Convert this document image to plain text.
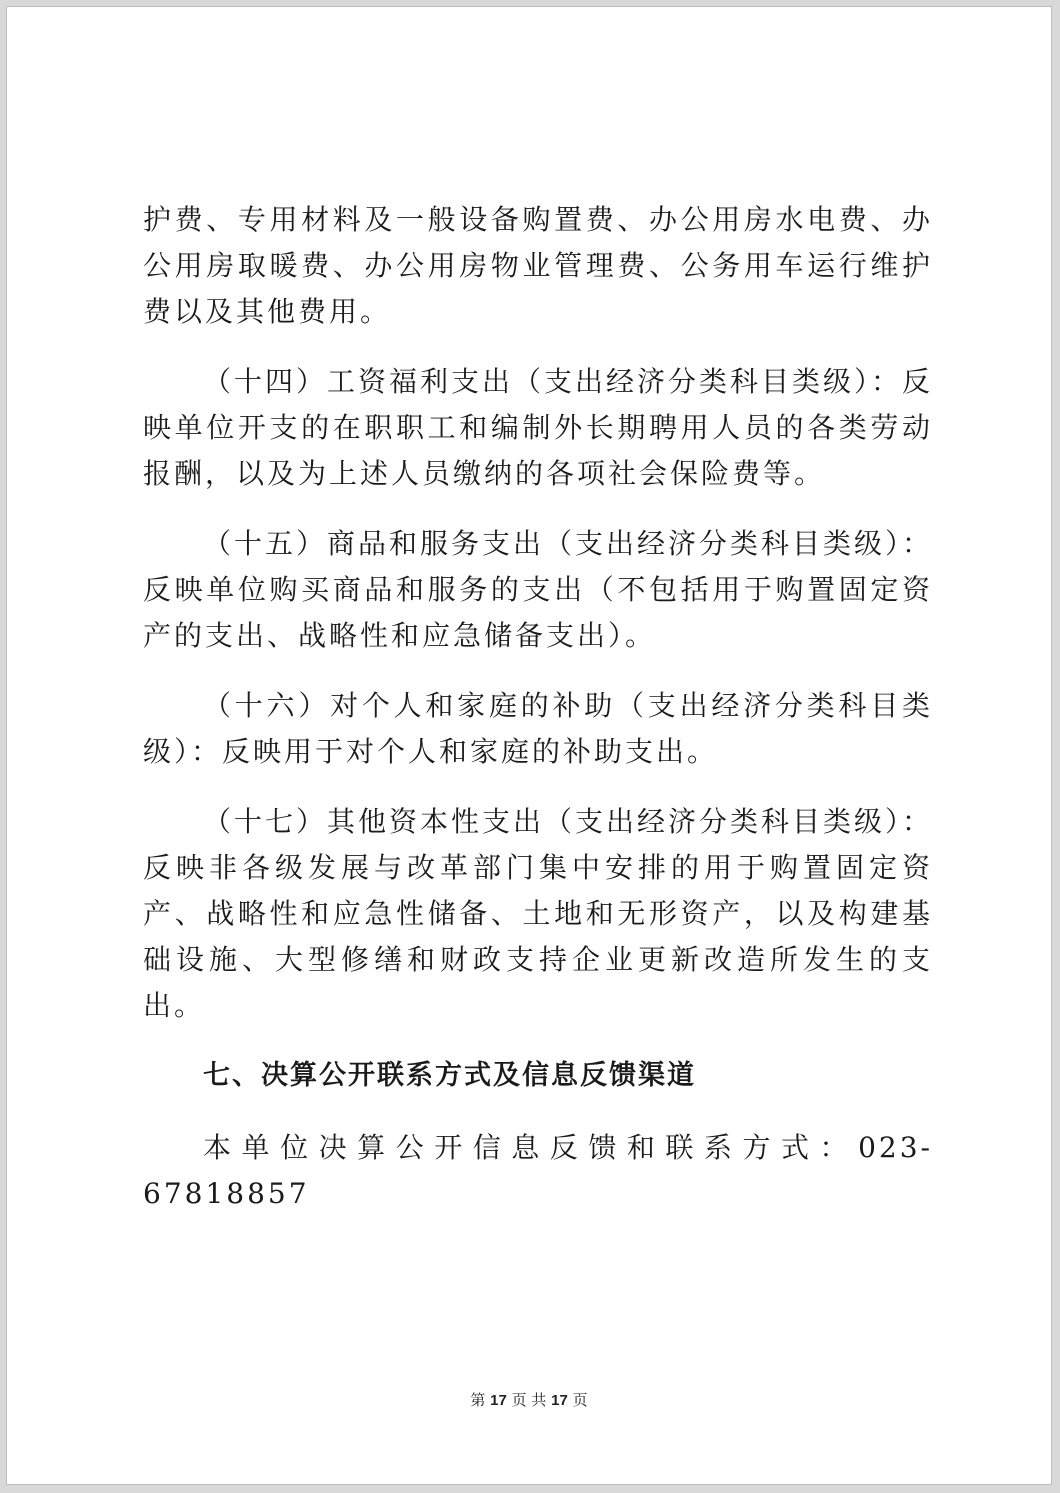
护费、专用材料及一般设备购置费、办公用房水电费、办公用房取暖费、办公用房物业管理费、公务用车运行维护费以及其他费用。

（十四）工资福利支出（支出经济分类科目类级）：反映单位开支的在职职工和编制外长期聘用人员的各类劳动报酬，以及为上述人员缴纳的各项社会保险费等。

（十五）商品和服务支出（支出经济分类科目类级）：反映单位购买商品和服务的支出（不包括用于购置固定资产的支出、战略性和应急储备支出）。

（十六）对个人和家庭的补助（支出经济分类科目类级）：反映用于对个人和家庭的补助支出。

（十七）其他资本性支出（支出经济分类科目类级）：反映非各级发展与改革部门集中安排的用于购置固定资产、战略性和应急性储备、土地和无形资产，以及构建基础设施、大型修缮和财政支持企业更新改造所发生的支出。

七、决算公开联系方式及信息反馈渠道

本单位决算公开信息反馈和联系方式：023-67818857

第 17 页 共 17 页
